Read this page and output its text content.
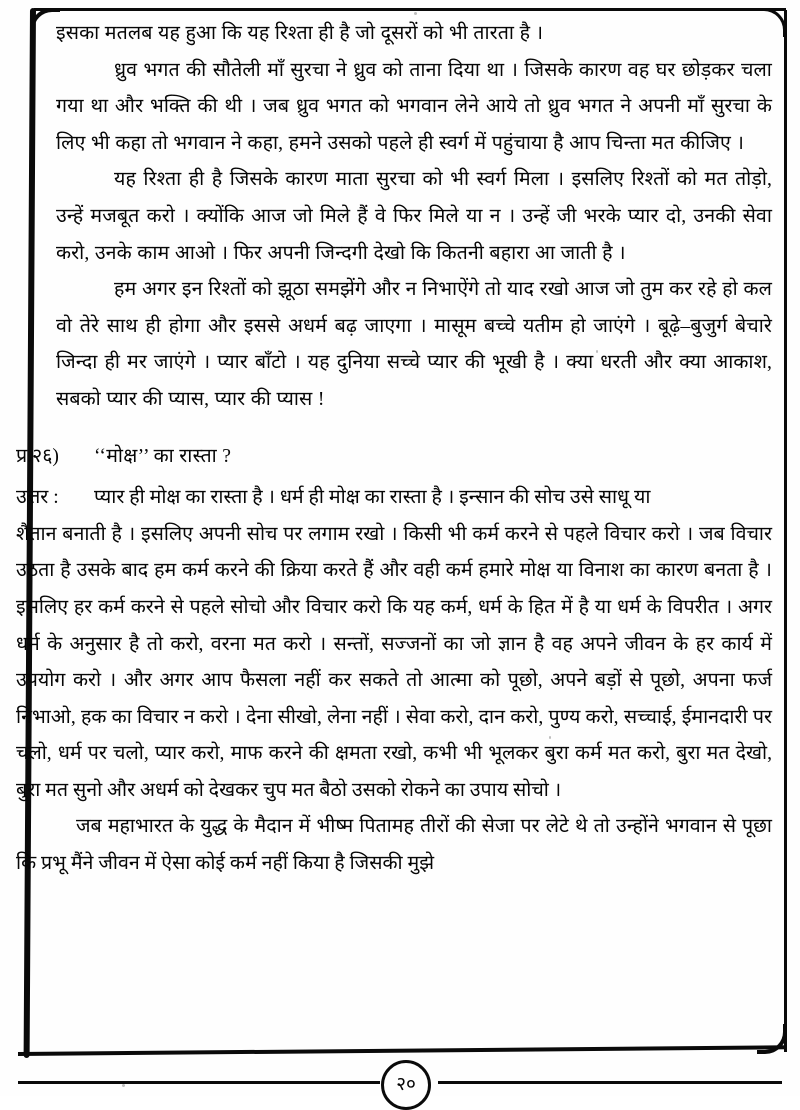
इसका मतलब यह हुआ कि यह रिश्ता ही है जो दूसरों को भी तारता है ।

ध्रुव भगत की सौतेली माँ सुरचा ने ध्रुव को ताना दिया था । जिसके कारण वह घर छोड़कर चला गया था और भक्ति की थी । जब ध्रुव भगत को भगवान लेने आये तो ध्रुव भगत ने अपनी माँ सुरचा के लिए भी कहा तो भगवान ने कहा, हमने उसको पहले ही स्वर्ग में पहुंचाया है आप चिन्ता मत कीजिए ।

यह रिश्ता ही है जिसके कारण माता सुरचा को भी स्वर्ग मिला । इसलिए रिश्तों को मत तोड़ो, उन्हें मजबूत करो । क्योंकि आज जो मिले हैं वे फिर मिले या न । उन्हें जी भरके प्यार दो, उनकी सेवा करो, उनके काम आओ । फिर अपनी जिन्दगी देखो कि कितनी बहारा आ जाती है ।

हम अगर इन रिश्तों को झूठा समझेंगे और न निभाऐंगे तो याद रखो आज जो तुम कर रहे हो कल वो तेरे साथ ही होगा और इससे अधर्म बढ़ जाएगा । मासूम बच्चे यतीम हो जाएंगे । बूढ़े–बुजुर्ग बेचारे जिन्दा ही मर जाएंगे । प्यार बाँटो । यह दुनिया सच्चे प्यार की भूखी है । क्या धरती और क्या आकाश, सबको प्यार की प्यास, प्यार की प्यास !

प्र.२६)	‘‘मोक्ष’’ का रास्ता ?
उत्तर :	प्यार ही मोक्ष का रास्ता है । धर्म ही मोक्ष का रास्ता है । इन्सान की सोच उसे साधू या
शैतान बनाती है । इसलिए अपनी सोच पर लगाम रखो । किसी भी कर्म करने से पहले विचार करो । जब विचार उठता है उसके बाद हम कर्म करने की क्रिया करते हैं और वही कर्म हमारे मोक्ष या विनाश का कारण बनता है । इसलिए हर कर्म करने से पहले सोचो और विचार करो कि यह कर्म, धर्म के हित में है या धर्म के विपरीत । अगर धर्म के अनुसार है तो करो, वरना मत करो । सन्तों, सज्जनों का जो ज्ञान है वह अपने जीवन के हर कार्य में उपयोग करो । और अगर आप फैसला नहीं कर सकते तो आत्मा को पूछो, अपने बड़ों से पूछो, अपना फर्ज निभाओ, हक का विचार न करो । देना सीखो, लेना नहीं । सेवा करो, दान करो, पुण्य करो, सच्चाई, ईमानदारी पर चलो, धर्म पर चलो, प्यार करो, माफ करने की क्षमता रखो, कभी भी भूलकर बुरा कर्म मत करो, बुरा मत देखो, बुरा मत सुनो और अधर्म को देखकर चुप मत बैठो उसको रोकने का उपाय सोचो ।
जब महाभारत के युद्ध के मैदान में भीष्म पितामह तीरों की सेजा पर लेटे थे तो उन्होंने भगवान से पूछा कि प्रभू मैंने जीवन में ऐसा कोई कर्म नहीं किया है जिसकी मुझे
२०
